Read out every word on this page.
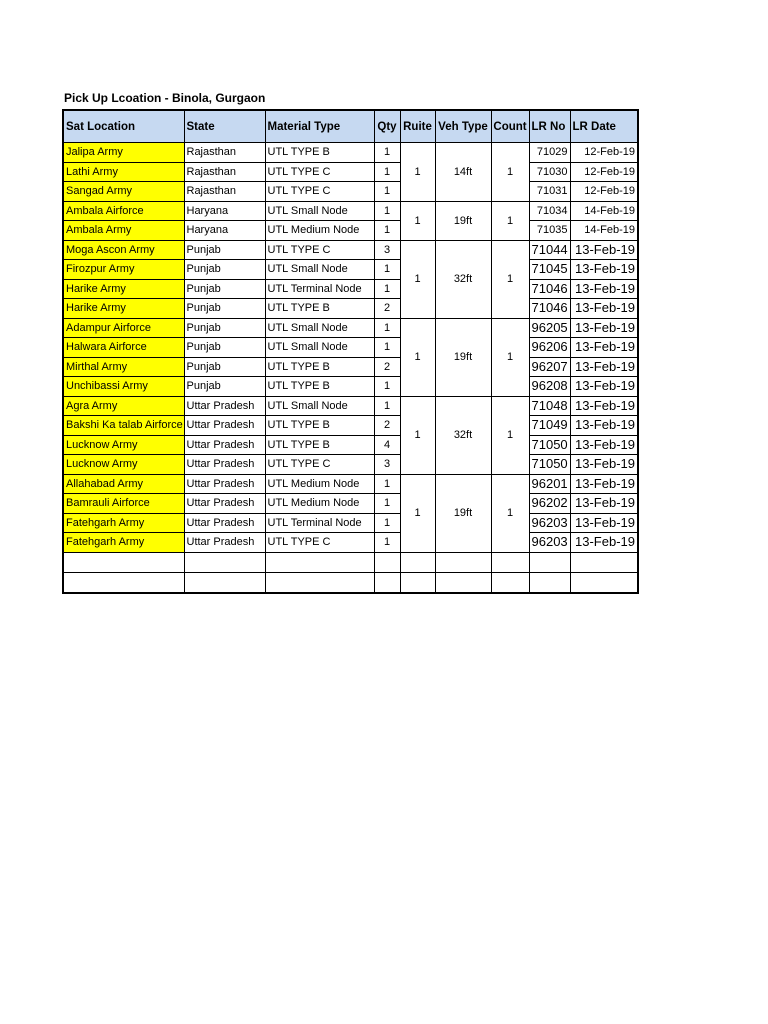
Pick Up Lcoation - Binola, Gurgaon
Sat Location	State	Material Type	Qty	Ruite	Veh Type	Count	LR No	LR Date
Jalipa Army	Rajasthan	UTL TYPE B	1	1	14ft	1	71029	12-Feb-19
Lathi Army	Rajasthan	UTL TYPE C	1				71030	12-Feb-19
Sangad Army	Rajasthan	UTL TYPE C	1				71031	12-Feb-19
Ambala Airforce	Haryana	UTL Small Node	1	1	19ft	1	71034	14-Feb-19
Ambala Army	Haryana	UTL Medium Node	1				71035	14-Feb-19
Moga Ascon Army	Punjab	UTL TYPE C	3	1	32ft	1	71044	13-Feb-19
Firozpur Army	Punjab	UTL Small Node	1				71045	13-Feb-19
Harike Army	Punjab	UTL Terminal Node	1				71046	13-Feb-19
Harike Army	Punjab	UTL TYPE B	2				71046	13-Feb-19
Adampur Airforce	Punjab	UTL Small Node	1	1	19ft	1	96205	13-Feb-19
Halwara Airforce	Punjab	UTL Small Node	1				96206	13-Feb-19
Mirthal Army	Punjab	UTL TYPE B	2				96207	13-Feb-19
Unchibassi Army	Punjab	UTL TYPE B	1				96208	13-Feb-19
Agra Army	Uttar Pradesh	UTL Small Node	1	1	32ft	1	71048	13-Feb-19
Bakshi Ka talab Airforce	Uttar Pradesh	UTL TYPE B	2				71049	13-Feb-19
Lucknow Army	Uttar Pradesh	UTL TYPE B	4				71050	13-Feb-19
Lucknow Army	Uttar Pradesh	UTL TYPE C	3				71050	13-Feb-19
Allahabad Army	Uttar Pradesh	UTL Medium Node	1	1	19ft	1	96201	13-Feb-19
Bamrauli Airforce	Uttar Pradesh	UTL Medium Node	1				96202	13-Feb-19
Fatehgarh Army	Uttar Pradesh	UTL Terminal Node	1				96203	13-Feb-19
Fatehgarh Army	Uttar Pradesh	UTL TYPE C	1				96203	13-Feb-19
